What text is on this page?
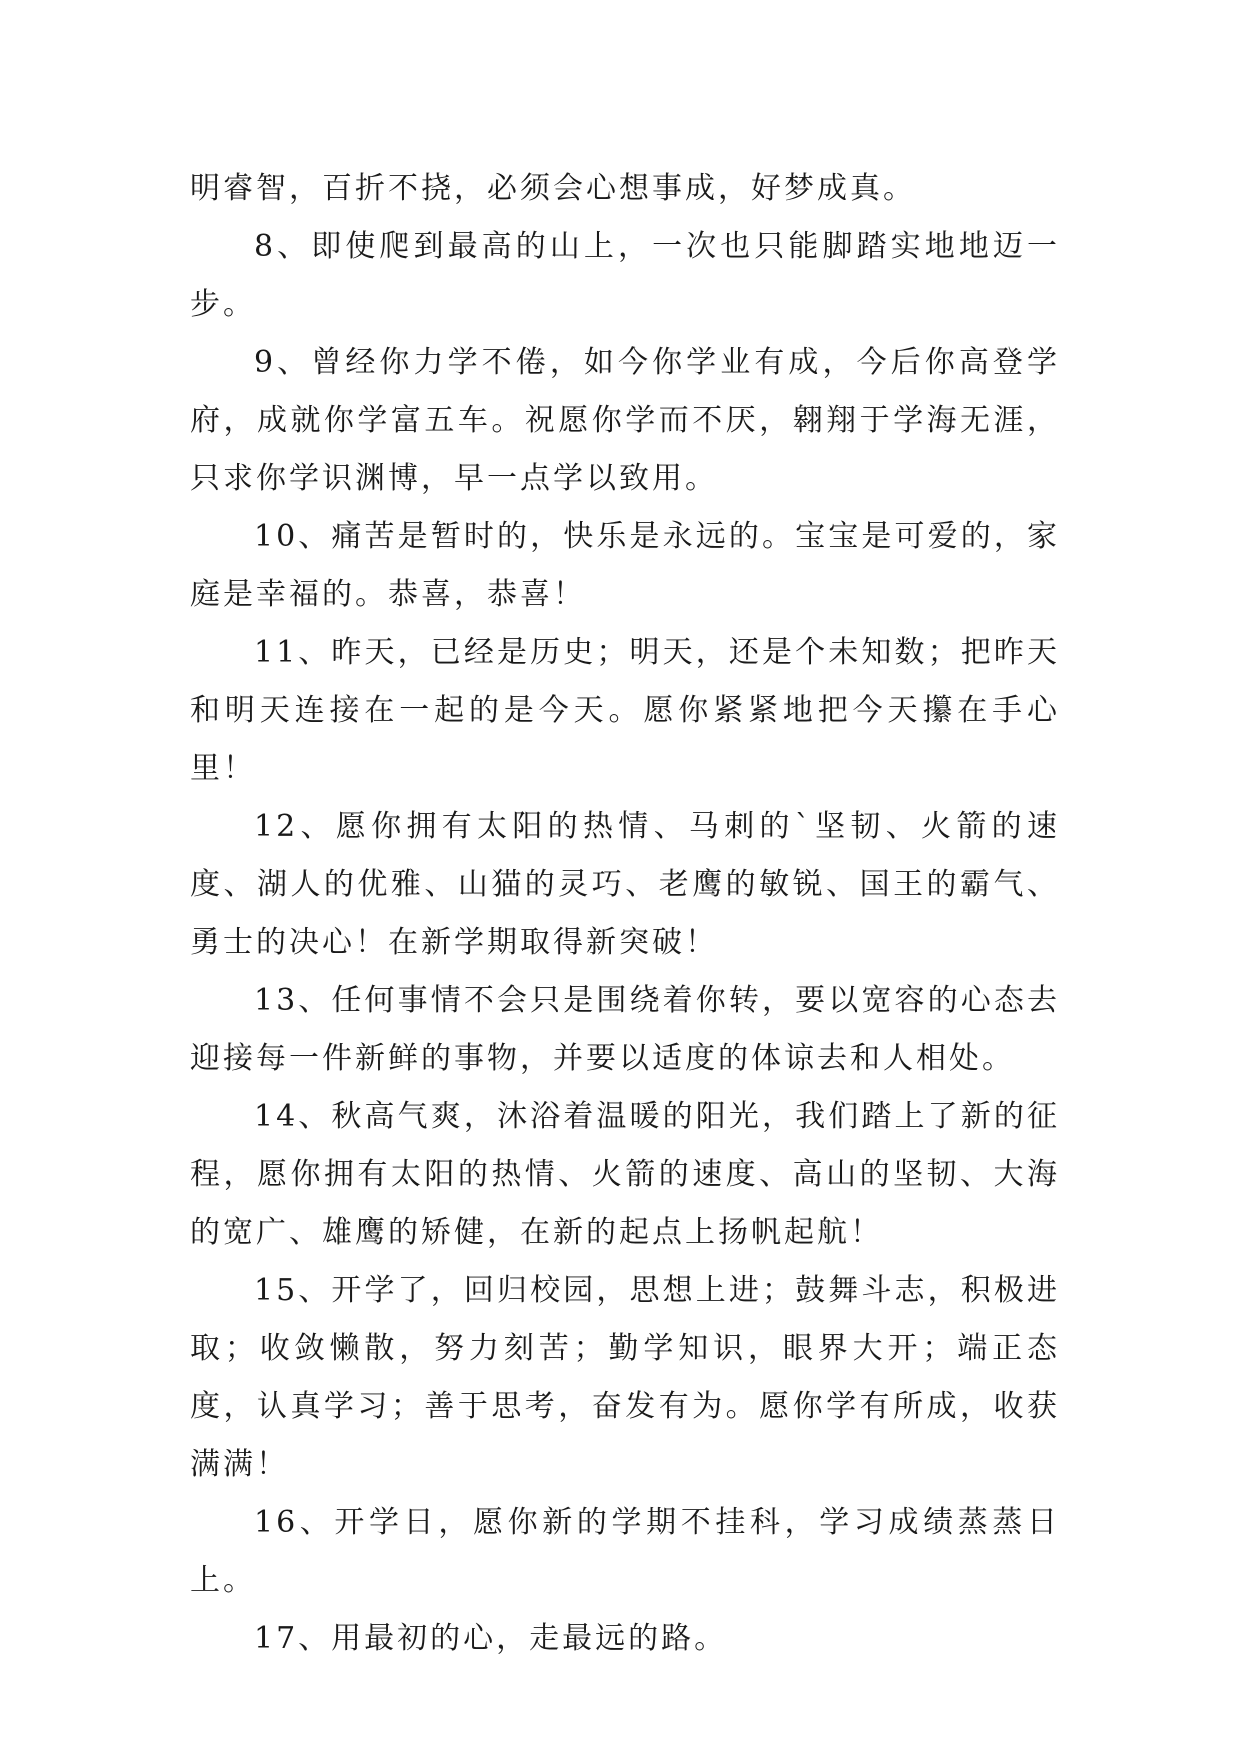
明睿智，百折不挠，必须会心想事成，好梦成真。

8、即使爬到最高的山上，一次也只能脚踏实地地迈一步。

9、曾经你力学不倦，如今你学业有成，今后你高登学府，成就你学富五车。祝愿你学而不厌，翱翔于学海无涯，只求你学识渊博，早一点学以致用。

10、痛苦是暂时的，快乐是永远的。宝宝是可爱的，家庭是幸福的。恭喜，恭喜！

11、昨天，已经是历史；明天，还是个未知数；把昨天和明天连接在一起的是今天。愿你紧紧地把今天攥在手心里！

12、愿你拥有太阳的热情、马刺的`坚韧、火箭的速度、湖人的优雅、山猫的灵巧、老鹰的敏锐、国王的霸气、勇士的决心！在新学期取得新突破！

13、任何事情不会只是围绕着你转，要以宽容的心态去迎接每一件新鲜的事物，并要以适度的体谅去和人相处。

14、秋高气爽，沐浴着温暖的阳光，我们踏上了新的征程，愿你拥有太阳的热情、火箭的速度、高山的坚韧、大海的宽广、雄鹰的矫健，在新的起点上扬帆起航！

15、开学了，回归校园，思想上进；鼓舞斗志，积极进取；收敛懒散，努力刻苦；勤学知识，眼界大开；端正态度，认真学习；善于思考，奋发有为。愿你学有所成，收获满满！

16、开学日，愿你新的学期不挂科，学习成绩蒸蒸日上。

17、用最初的心，走最远的路。
